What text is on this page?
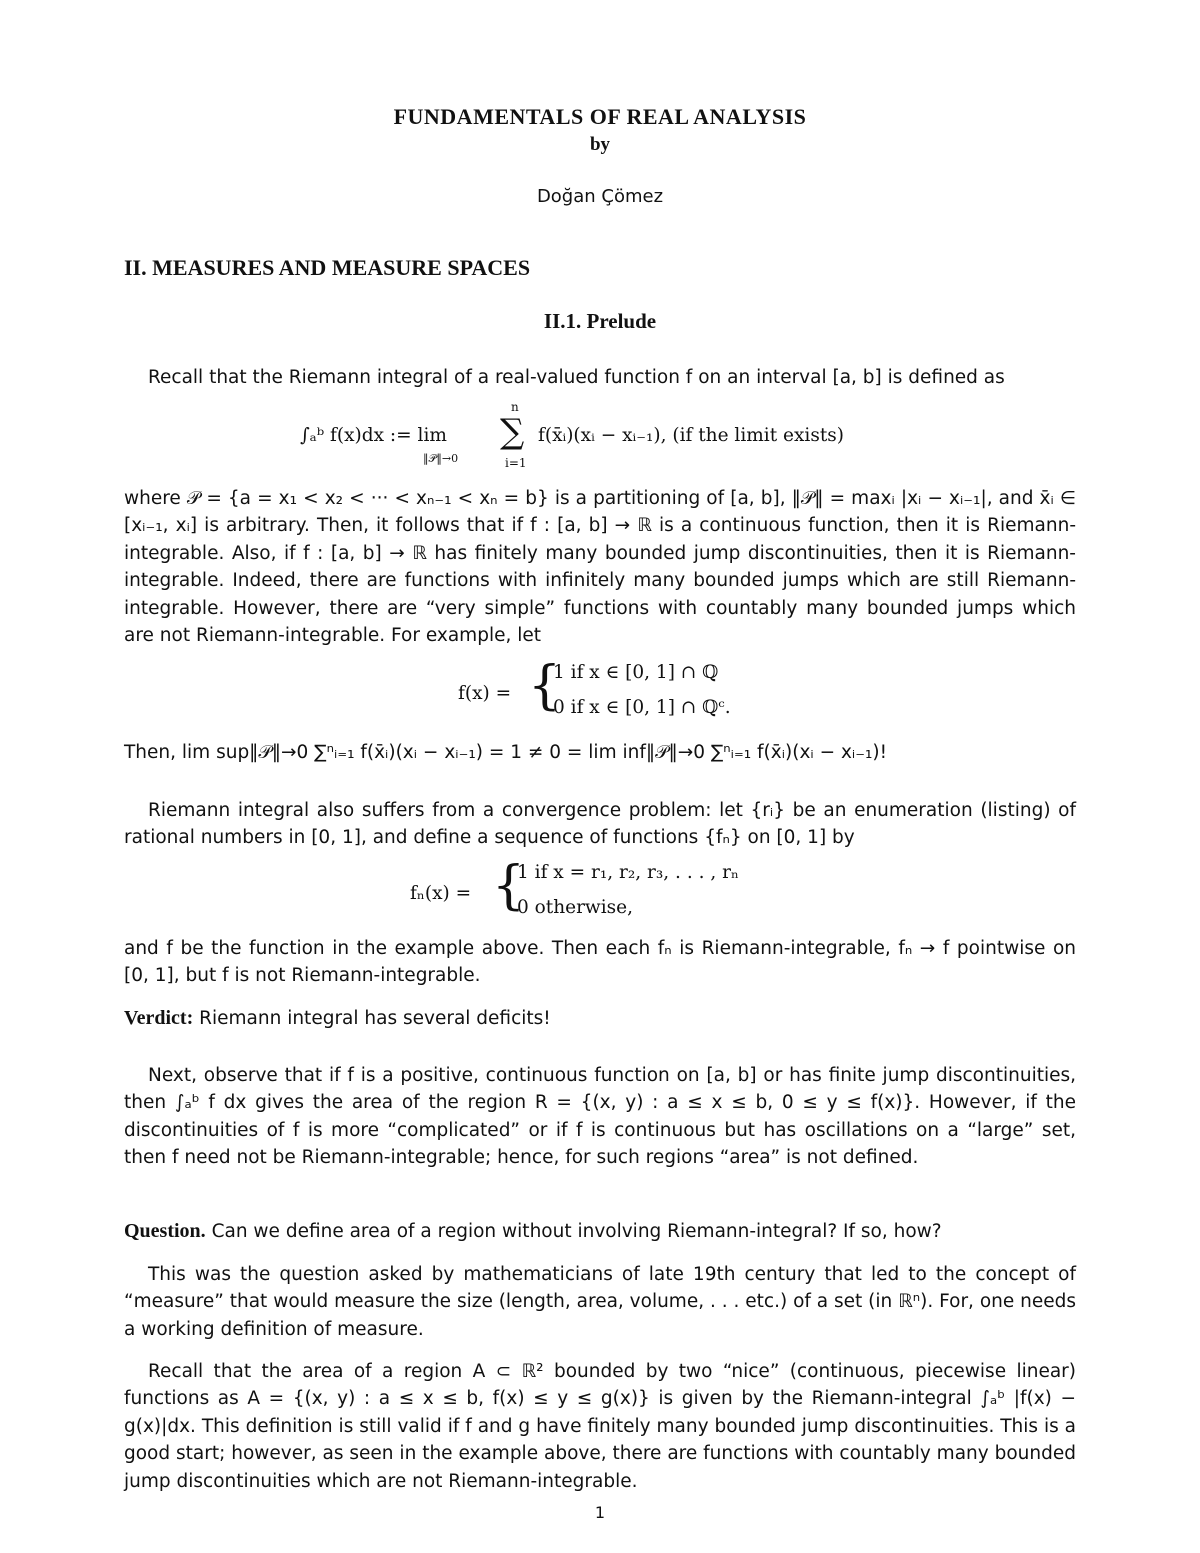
FUNDAMENTALS OF REAL ANALYSIS
by
Doğan Çömez
II. MEASURES AND MEASURE SPACES
II.1. Prelude
Recall that the Riemann integral of a real-valued function f on an interval [a, b] is defined as
∫ₐᵇ f(x)dx := lim
‖𝒫‖→0
∑
n
i=1
f(x̄ᵢ)(xᵢ − xᵢ₋₁), (if the limit exists)
where 𝒫 = {a = x₁ < x₂ < ··· < xₙ₋₁ < xₙ = b} is a partitioning of [a, b], ‖𝒫‖ = maxᵢ |xᵢ − xᵢ₋₁|, and x̄ᵢ ∈ [xᵢ₋₁, xᵢ] is arbitrary. Then, it follows that if f : [a, b] → ℝ is a continuous function, then it is Riemann-integrable. Also, if f : [a, b] → ℝ has finitely many bounded jump discontinuities, then it is Riemann-integrable. Indeed, there are functions with infinitely many bounded jumps which are still Riemann-integrable. However, there are “very simple” functions with countably many bounded jumps which are not Riemann-integrable. For example, let
f(x) = {
1 if x ∈ [0, 1] ∩ ℚ
0 if x ∈ [0, 1] ∩ ℚᶜ.
Then, lim sup‖𝒫‖→0 ∑ⁿᵢ₌₁ f(x̄ᵢ)(xᵢ − xᵢ₋₁) = 1 ≠ 0 = lim inf‖𝒫‖→0 ∑ⁿᵢ₌₁ f(x̄ᵢ)(xᵢ − xᵢ₋₁)!
Riemann integral also suffers from a convergence problem: let {rᵢ} be an enumeration (listing) of rational numbers in [0, 1], and define a sequence of functions {fₙ} on [0, 1] by
fₙ(x) = {
1 if x = r₁, r₂, r₃, . . . , rₙ
0 otherwise,
and f be the function in the example above. Then each fₙ is Riemann-integrable, fₙ → f pointwise on [0, 1], but f is not Riemann-integrable.
Verdict: Riemann integral has several deficits!
Next, observe that if f is a positive, continuous function on [a, b] or has finite jump discontinuities, then ∫ₐᵇ f dx gives the area of the region R = {(x, y) : a ≤ x ≤ b, 0 ≤ y ≤ f(x)}. However, if the discontinuities of f is more “complicated” or if f is continuous but has oscillations on a “large” set, then f need not be Riemann-integrable; hence, for such regions “area” is not defined.
Question. Can we define area of a region without involving Riemann-integral? If so, how?
This was the question asked by mathematicians of late 19th century that led to the concept of “measure” that would measure the size (length, area, volume, . . . etc.) of a set (in ℝⁿ). For, one needs a working definition of measure.
Recall that the area of a region A ⊂ ℝ² bounded by two “nice” (continuous, piecewise linear) functions as A = {(x, y) : a ≤ x ≤ b, f(x) ≤ y ≤ g(x)} is given by the Riemann-integral ∫ₐᵇ |f(x) − g(x)|dx. This definition is still valid if f and g have finitely many bounded jump discontinuities. This is a good start; however, as seen in the example above, there are functions with countably many bounded jump discontinuities which are not Riemann-integrable.
1
